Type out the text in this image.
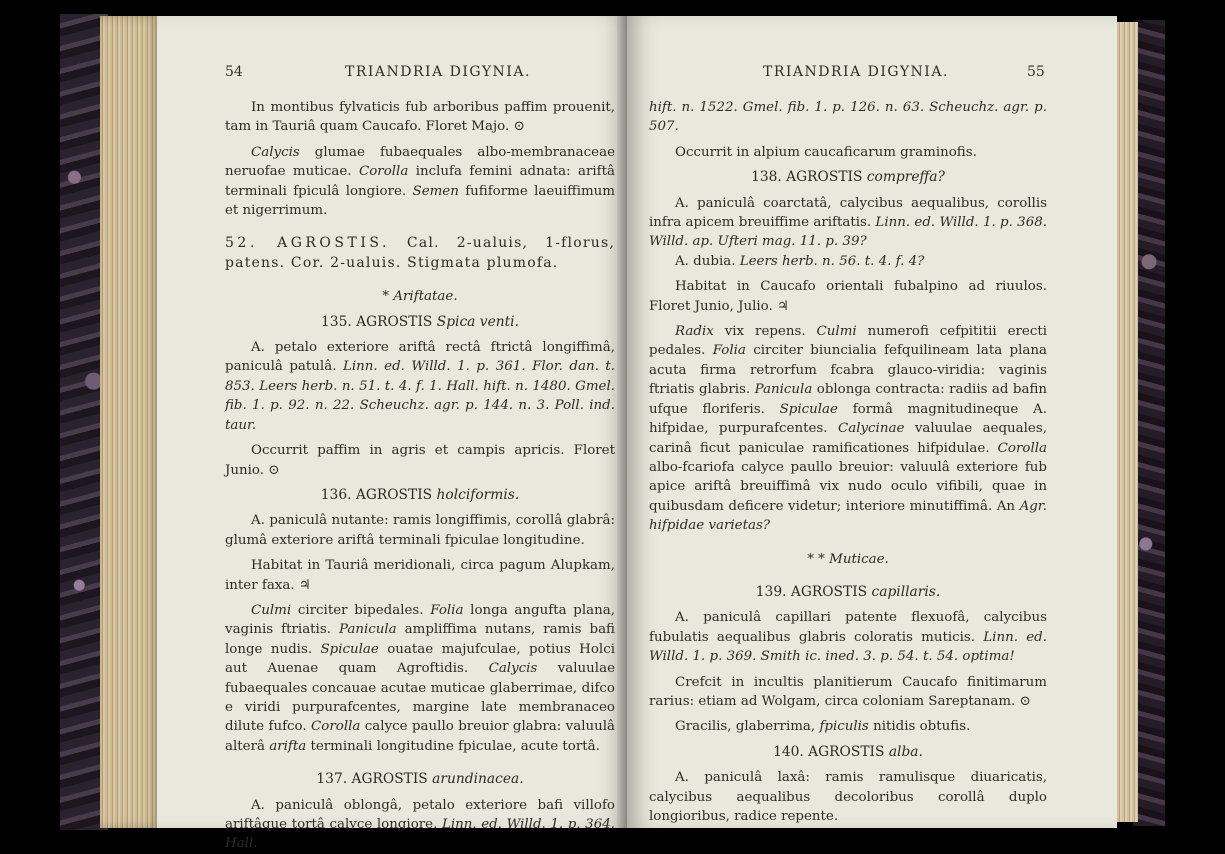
54	TRIANDRIA DIGYNIA.

In montibus fylvaticis fub arboribus paffim prouenit, tam in Tauriâ quam Caucafo. Floret Majo. ⊙

Calycis glumae fubaequales albo-membranaceae neruofae muticae. Corolla inclufa femini adnata: ariftâ terminali fpiculâ longiore. Semen fufiforme laeuiffimum et nigerrimum.

52. AGROSTIS. Cal. 2-ualuis, 1-florus, patens. Cor. 2-ualuis. Stigmata plumofa.

* Ariftatae.

135. AGROSTIS Spica venti.

A. petalo exteriore ariftâ rectâ ftrictâ longiffimâ, paniculâ patulâ. Linn. ed. Willd. 1. p. 361. Flor. dan. t. 853. Leers herb. n. 51. t. 4. f. 1. Hall. hift. n. 1480. Gmel. fib. 1. p. 92. n. 22. Scheuchz. agr. p. 144. n. 3. Poll. ind. taur.

Occurrit paffim in agris et campis apricis. Floret Junio. ⊙

136. AGROSTIS holciformis.

A. paniculâ nutante: ramis longiffimis, corollâ glabrâ: glumâ exteriore ariftâ terminali fpiculae longitudine.

Habitat in Tauriâ meridionali, circa pagum Alupkam, inter faxa. ♃

Culmi circiter bipedales. Folia longa angufta plana, vaginis ftriatis. Panicula ampliffima nutans, ramis bafi longe nudis. Spiculae ouatae majufculae, potius Holci aut Auenae quam Agroftidis. Calycis valuulae fubaequales concauae acutae muticae glaberrimae, difco e viridi purpurafcentes, margine late membranaceo dilute fufco. Corolla calyce paullo breuior glabra: valuulâ alterâ arifta terminali longitudine fpiculae, acute tortâ.

137. AGROSTIS arundinacea.

A. paniculâ oblongâ, petalo exteriore bafi villofo ariftâque tortâ calyce longiore. Linn. ed. Willd. 1. p. 364. Hall.

TRIANDRIA DIGYNIA.	55

hift. n. 1522. Gmel. fib. 1. p. 126. n. 63. Scheuchz. agr. p. 507.

Occurrit in alpium caucaficarum graminofis.

138. AGROSTIS compreffa?

A. paniculâ coarctatâ, calycibus aequalibus, corollis infra apicem breuiffime ariftatis. Linn. ed. Willd. 1. p. 368. Willd. ap. Ufteri mag. 11. p. 39?

A. dubia. Leers herb. n. 56. t. 4. f. 4?

Habitat in Caucafo orientali fubalpino ad riuulos. Floret Junio, Julio. ♃

Radix vix repens. Culmi numerofi cefpititii erecti pedales. Folia circiter biuncialia fefquilineam lata plana acuta firma retrorfum fcabra glauco-viridia: vaginis ftriatis glabris. Panicula oblonga contracta: radiis ad bafin ufque floriferis. Spiculae formâ magnitudineque A. hifpidae, purpurafcentes. Calycinae valuulae aequales, carinâ ficut paniculae ramificationes hifpidulae. Corolla albo-fcariofa calyce paullo breuior: valuulâ exteriore fub apice ariftâ breuiffimâ vix nudo oculo vifibili, quae in quibusdam deficere videtur; interiore minutiffimâ. An Agr. hifpidae varietas?

* * Muticae.

139. AGROSTIS capillaris.

A. paniculâ capillari patente flexuofâ, calycibus fubulatis aequalibus glabris coloratis muticis. Linn. ed. Willd. 1. p. 369. Smith ic. ined. 3. p. 54. t. 54. optima!

Crefcit in incultis planitierum Caucafo finitimarum rarius: etiam ad Wolgam, circa coloniam Sareptanam. ⊙

Gracilis, glaberrima, fpiculis nitidis obtufis.

140. AGROSTIS alba.

A. paniculâ laxâ: ramis ramulisque diuaricatis, calycibus aequalibus decoloribus corollâ duplo longioribus, radice repente.
